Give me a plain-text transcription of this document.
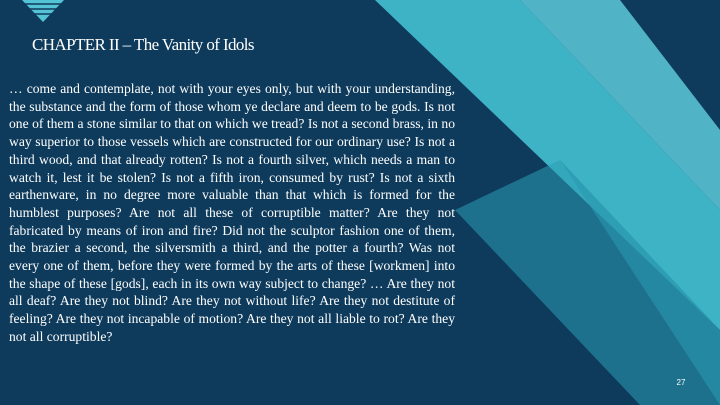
CHAPTER II – The Vanity of Idols

… come and contemplate, not with your eyes only, but with your understanding, the substance and the form of those whom ye declare and deem to be gods. Is not one of them a stone similar to that on which we tread? Is not a second brass, in no way superior to those vessels which are constructed for our ordinary use? Is not a third wood, and that already rotten? Is not a fourth silver, which needs a man to watch it, lest it be stolen? Is not a fifth iron, consumed by rust? Is not a sixth earthenware, in no degree more valuable than that which is formed for the humblest purposes? Are not all these of corruptible matter? Are they not fabricated by means of iron and fire? Did not the sculptor fashion one of them, the brazier a second, the silversmith a third, and the potter a fourth? Was not every one of them, before they were formed by the arts of these [workmen] into the shape of these [gods], each in its own way subject to change? … Are they not all deaf? Are they not blind? Are they not without life? Are they not destitute of feeling? Are they not incapable of motion? Are they not all liable to rot? Are they not all corruptible?

27
